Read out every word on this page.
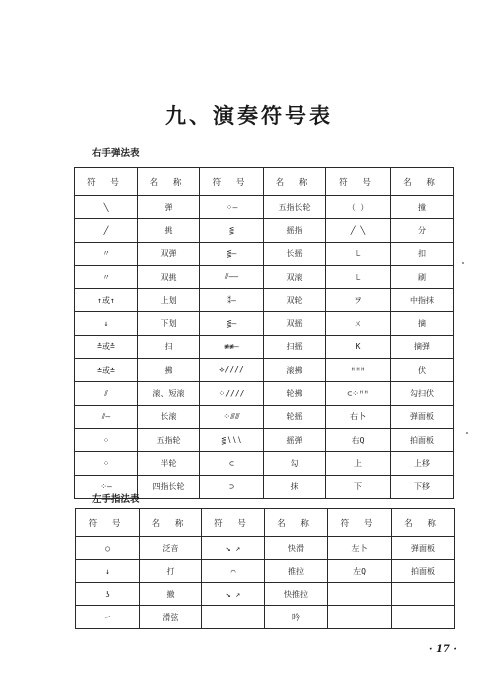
九、演奏符号表
右手弹法表
符 号	名 称	符 号	名 称	符 号	名 称
╲	弹	⁘—	五指长轮	（ ）	撞
╱	挑	⋚	摇指	╱ ╲	分
〃	双弹	⋚—	长摇	㇄	扣
〃	双挑	⫽——	双滚	㇄	刷
↑或↑	上划	⁑—	双轮	ヲ	中指抹
↓	下划	⋚—	双摇	ㄨ	摘
≛或≛	扫	≢≢—	扫摇	K	摘弹
≐或≐	拂	⟡////	滚拂	ᴴᴴᴴ	伏
⫽	滚、短滚	⁘////	轮拂	⊂⁘ᴴᴴ	勾扫伏
⫽—	长滚	⁘⫻⫻	轮摇	右卜	弹面板
⁘	五指轮	⋚∖∖∖	摇弹	右Q	拍面板
⁘	半轮	⊂	勾	上	上移
⁘—	四指长轮	⊃	抹	下	下移
左手指法表
符 号	名 称	符 号	名 称	符 号	名 称
○	泛音	↘ ↗	快滑	左卜	弹面板
↓	打	⌒	推拉	左Q	拍面板
ʖ	撤	↘ ↗	快推拉		
ㄧ	滑弦		吟		
· 17 ·
